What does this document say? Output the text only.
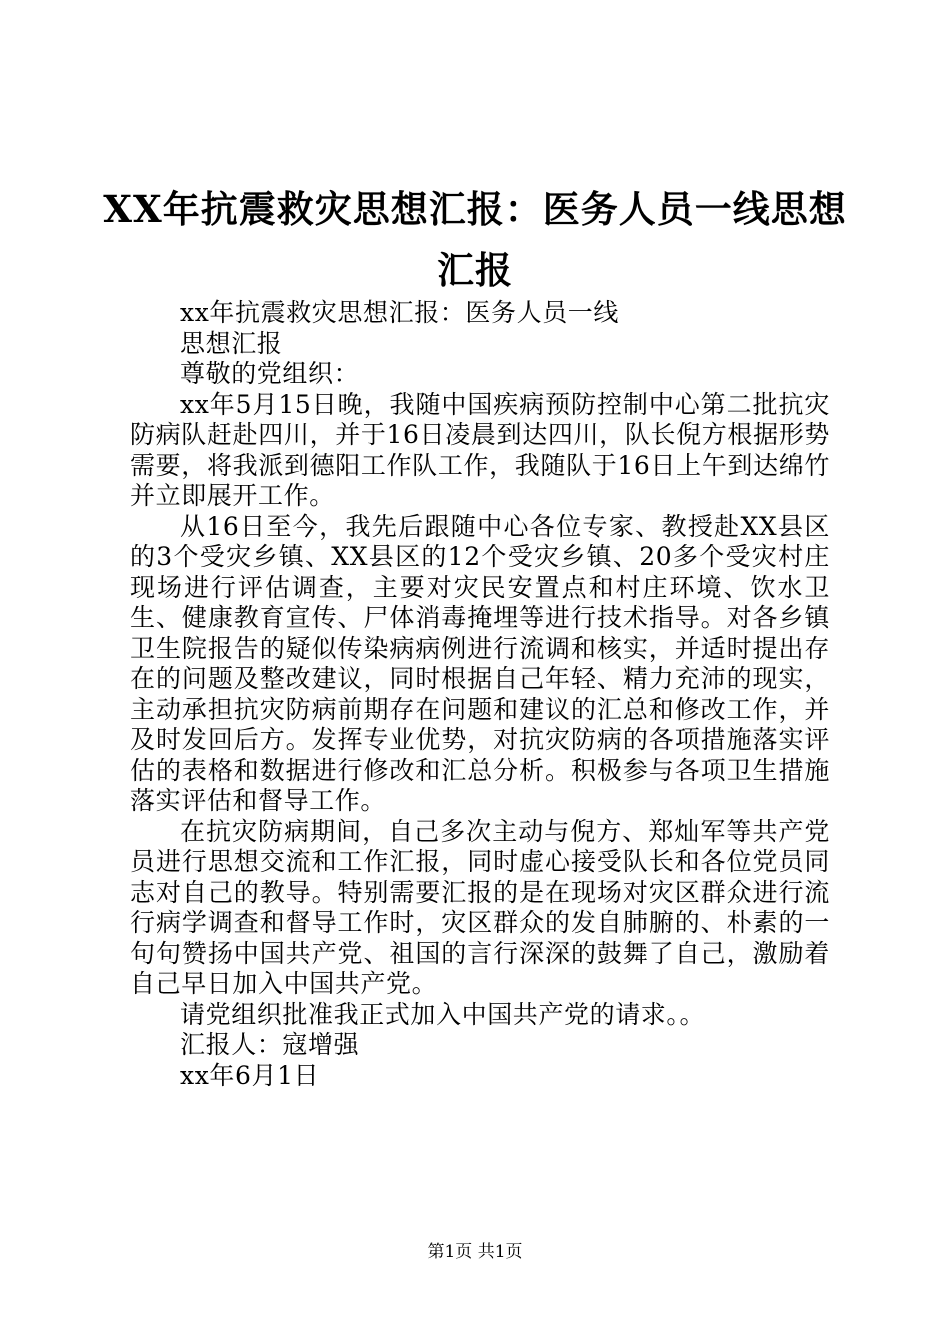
XX年抗震救灾思想汇报：医务人员一线思想
汇报

xx年抗震救灾思想汇报：医务人员一线

思想汇报

尊敬的党组织：

xx年5月15日晚，我随中国疾病预防控制中心第二批抗灾防病队赶赴四川，并于16日凌晨到达四川，队长倪方根据形势需要，将我派到德阳工作队工作，我随队于16日上午到达绵竹并立即展开工作。

从16日至今，我先后跟随中心各位专家、教授赴XX县区的3个受灾乡镇、XX县区的12个受灾乡镇、20多个受灾村庄现场进行评估调查，主要对灾民安置点和村庄环境、饮水卫生、健康教育宣传、尸体消毒掩埋等进行技术指导。对各乡镇卫生院报告的疑似传染病病例进行流调和核实，并适时提出存在的问题及整改建议，同时根据自己年轻、精力充沛的现实，主动承担抗灾防病前期存在问题和建议的汇总和修改工作，并及时发回后方。发挥专业优势，对抗灾防病的各项措施落实评估的表格和数据进行修改和汇总分析。积极参与各项卫生措施落实评估和督导工作。

在抗灾防病期间，自己多次主动与倪方、郑灿军等共产党员进行思想交流和工作汇报，同时虚心接受队长和各位党员同志对自己的教导。特别需要汇报的是在现场对灾区群众进行流行病学调查和督导工作时，灾区群众的发自肺腑的、朴素的一句句赞扬中国共产党、祖国的言行深深的鼓舞了自己，激励着自己早日加入中国共产党。

请党组织批准我正式加入中国共产党的请求。。

汇报人：寇增强

xx年6月1日

第1页 共1页
